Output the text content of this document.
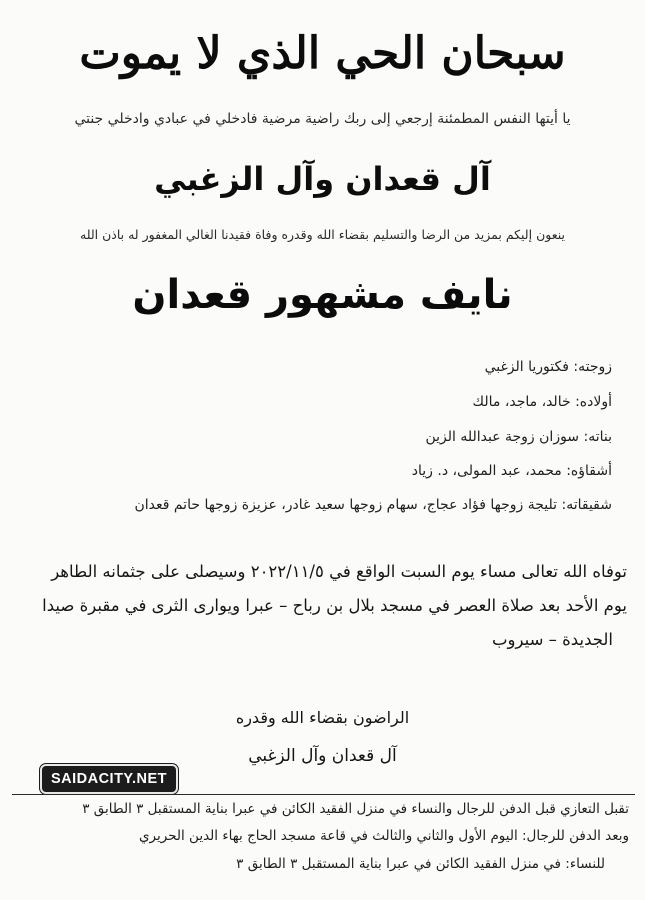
سبحان الحي الذي لا يموت
يا أيتها النفس المطمئنة إرجعي إلى ربك راضية مرضية فادخلي في عبادي وادخلي جنتي
آل قعدان وآل الزغبي
ينعون إليكم بمزيد من الرضا والتسليم بقضاء الله وقدره وفاة فقيدنا الغالي المغفور له باذن الله
نايف مشهور قعدان
زوجته: فكتوريا الزغبي
أولاده: خالد، ماجد، مالك
بناته: سوزان زوجة عبدالله الزين
أشقاؤه: محمد، عبد المولى، د. زياد
شقيقاته: تليجة زوجها فؤاد عجاج، سهام زوجها سعيد غادر، عزيزة زوجها حاتم قعدان
توفاه الله تعالى مساء يوم السبت الواقع في ٢٠٢٢/١١/٥ وسيصلى على جثمانه الطاهر
يوم الأحد بعد صلاة العصر في مسجد بلال بن رباح – عبرا ويوارى الثرى في مقبرة صيدا
الجديدة – سيروب
الراضون بقضاء الله وقدره
آل قعدان وآل الزغبي
SAIDACITY.NET
تقبل التعازي قبل الدفن للرجال والنساء في منزل الفقيد الكائن في عبرا بناية المستقبل ٣ الطابق ٣
وبعد الدفن للرجال: اليوم الأول والثاني والثالث في قاعة مسجد الحاج بهاء الدين الحريري
للنساء: في منزل الفقيد الكائن في عبرا بناية المستقبل ٣ الطابق ٣
